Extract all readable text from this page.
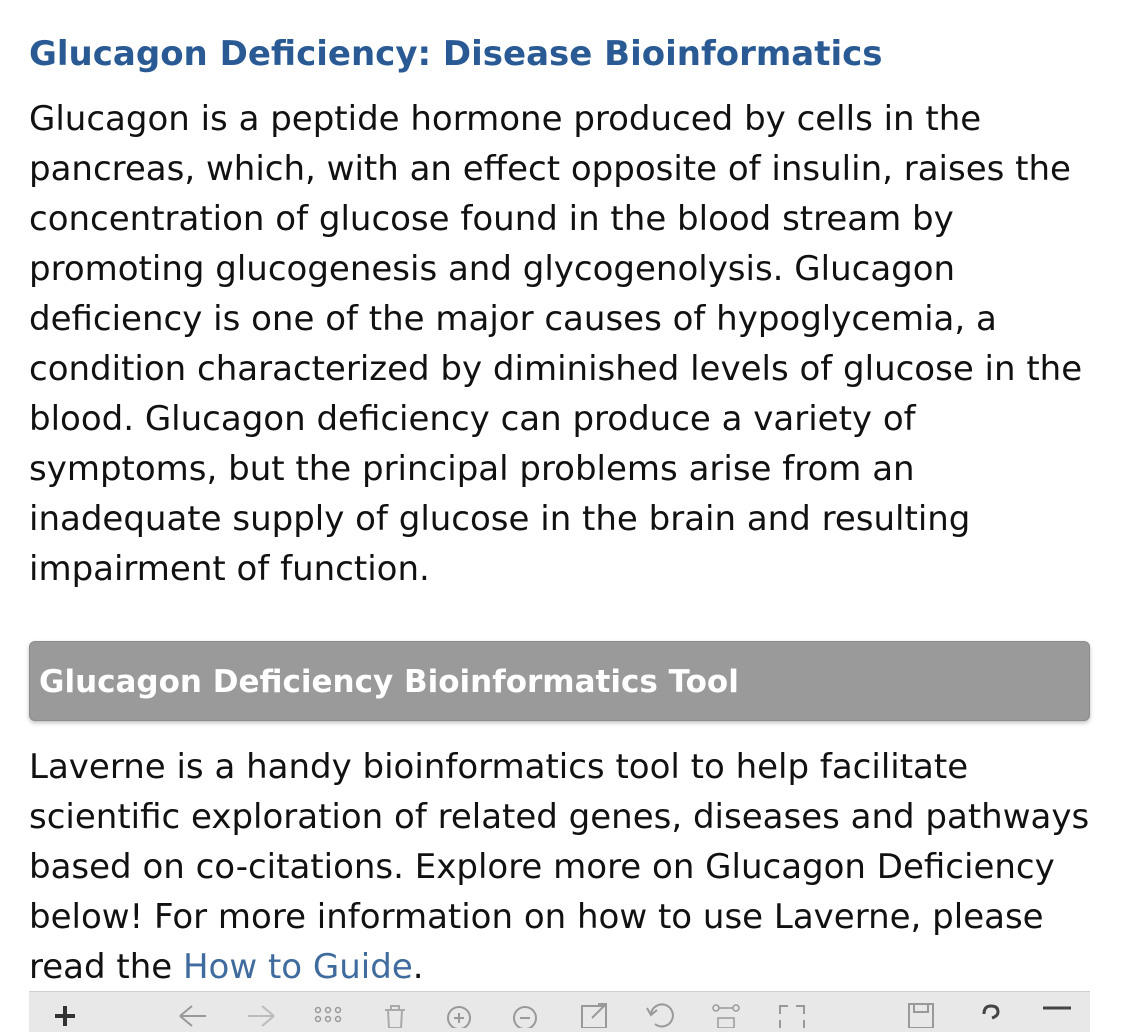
Glucagon Deficiency: Disease Bioinformatics

Glucagon is a peptide hormone produced by cells in the pancreas, which, with an effect opposite of insulin, raises the concentration of glucose found in the blood stream by promoting glucogenesis and glycogenolysis. Glucagon deficiency is one of the major causes of hypoglycemia, a condition characterized by diminished levels of glucose in the blood. Glucagon deficiency can produce a variety of symptoms, but the principal problems arise from an inadequate supply of glucose in the brain and resulting impairment of function.

Glucagon Deficiency Bioinformatics Tool

Laverne is a handy bioinformatics tool to help facilitate scientific exploration of related genes, diseases and pathways based on co-citations. Explore more on Glucagon Deficiency below! For more information on how to use Laverne, please read the How to Guide.
